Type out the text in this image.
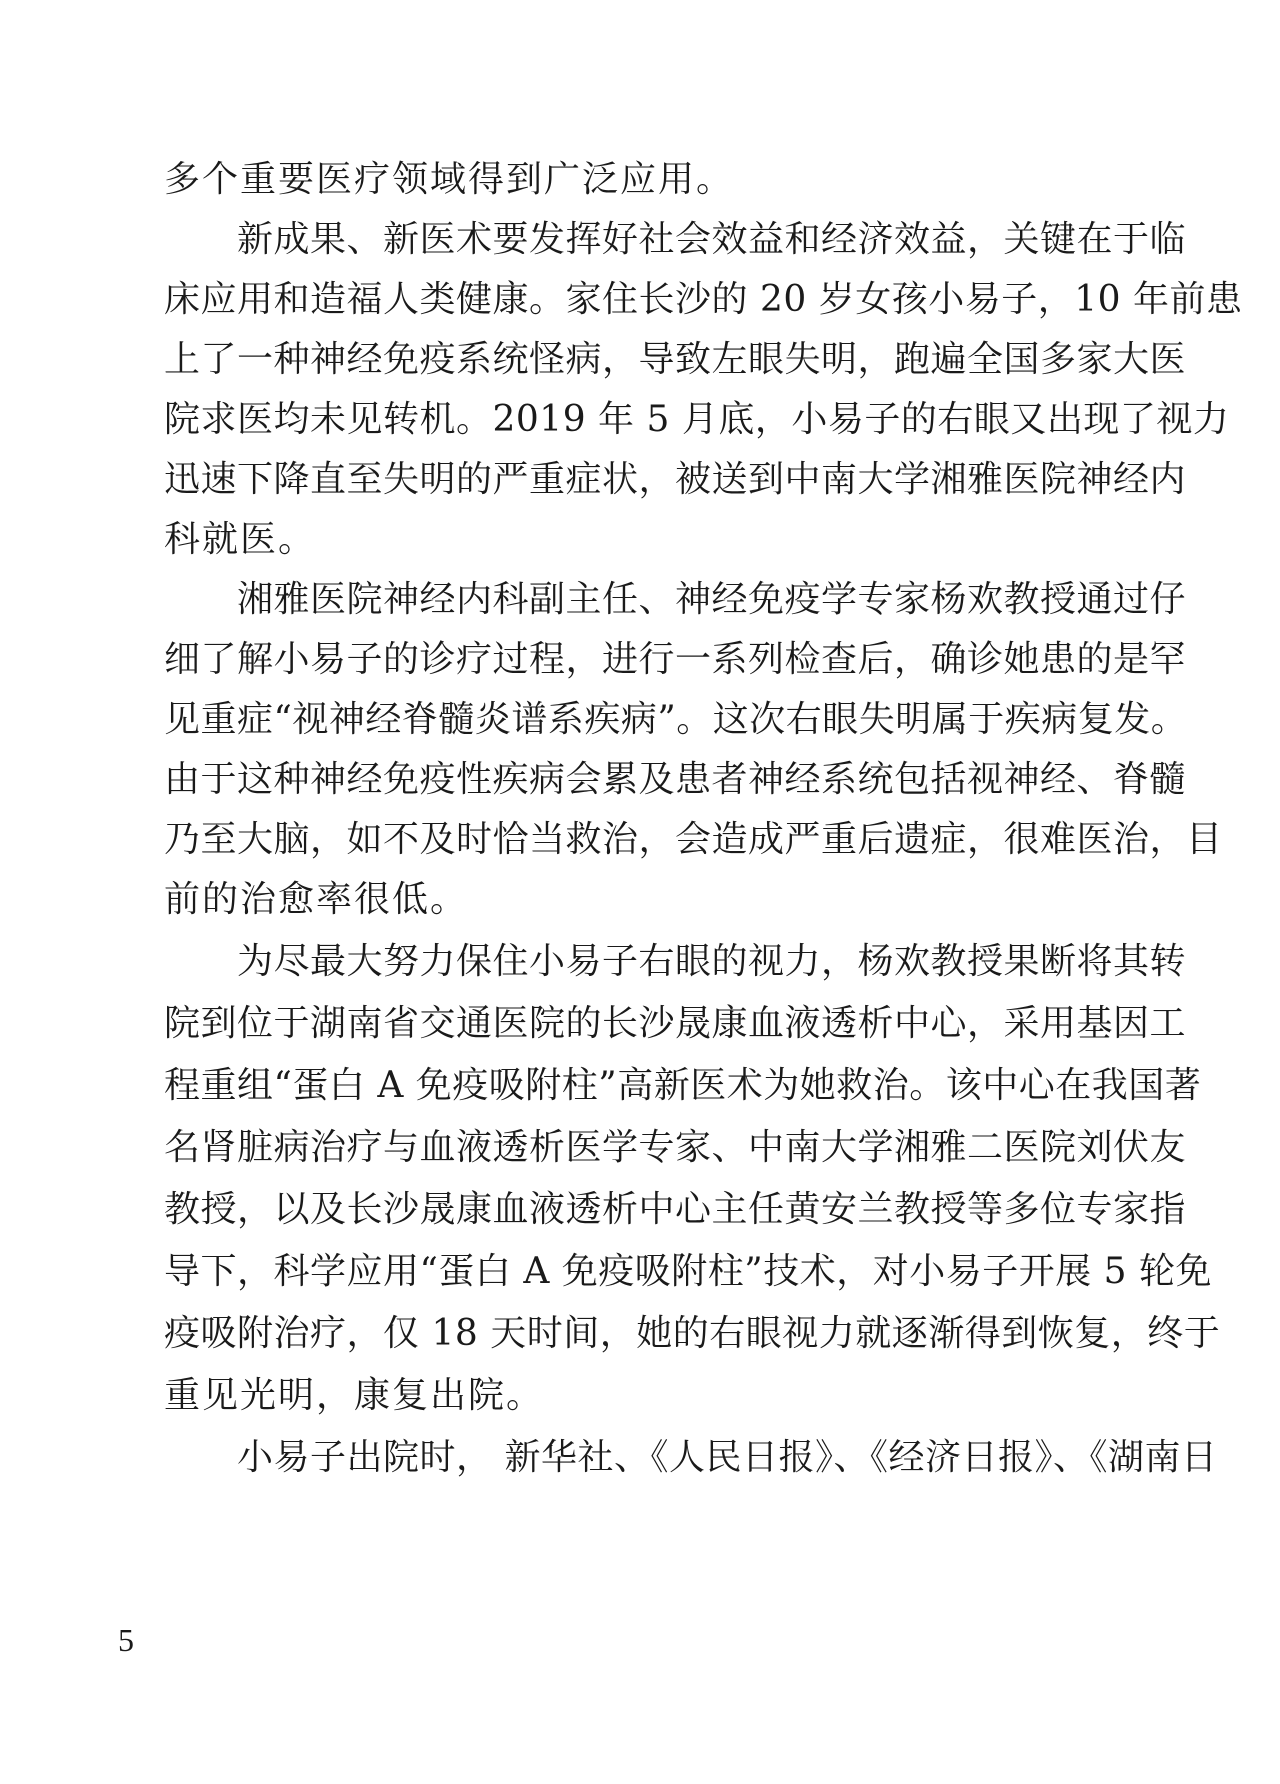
多个重要医疗领域得到广泛应用。
　　新成果、新医术要发挥好社会效益和经济效益，关键在于临
床应用和造福人类健康。家住长沙的 20 岁女孩小易子，10 年前患
上了一种神经免疫系统怪病，导致左眼失明，跑遍全国多家大医
院求医均未见转机。2019 年 5 月底，小易子的右眼又出现了视力
迅速下降直至失明的严重症状，被送到中南大学湘雅医院神经内
科就医。
　　湘雅医院神经内科副主任、神经免疫学专家杨欢教授通过仔
细了解小易子的诊疗过程，进行一系列检查后，确诊她患的是罕
见重症“视神经脊髓炎谱系疾病”。这次右眼失明属于疾病复发。
由于这种神经免疫性疾病会累及患者神经系统包括视神经、脊髓
乃至大脑，如不及时恰当救治，会造成严重后遗症，很难医治，目
前的治愈率很低。
　　为尽最大努力保住小易子右眼的视力，杨欢教授果断将其转
院到位于湖南省交通医院的长沙晟康血液透析中心，采用基因工
程重组“蛋白 A 免疫吸附柱”高新医术为她救治。该中心在我国著
名肾脏病治疗与血液透析医学专家、中南大学湘雅二医院刘伏友
教授，以及长沙晟康血液透析中心主任黄安兰教授等多位专家指
导下，科学应用“蛋白 A 免疫吸附柱”技术，对小易子开展 5 轮免
疫吸附治疗，仅 18 天时间，她的右眼视力就逐渐得到恢复，终于
重见光明，康复出院。
　　小易子出院时， 新华社、《人民日报》、《经济日报》、《湖南日
5
